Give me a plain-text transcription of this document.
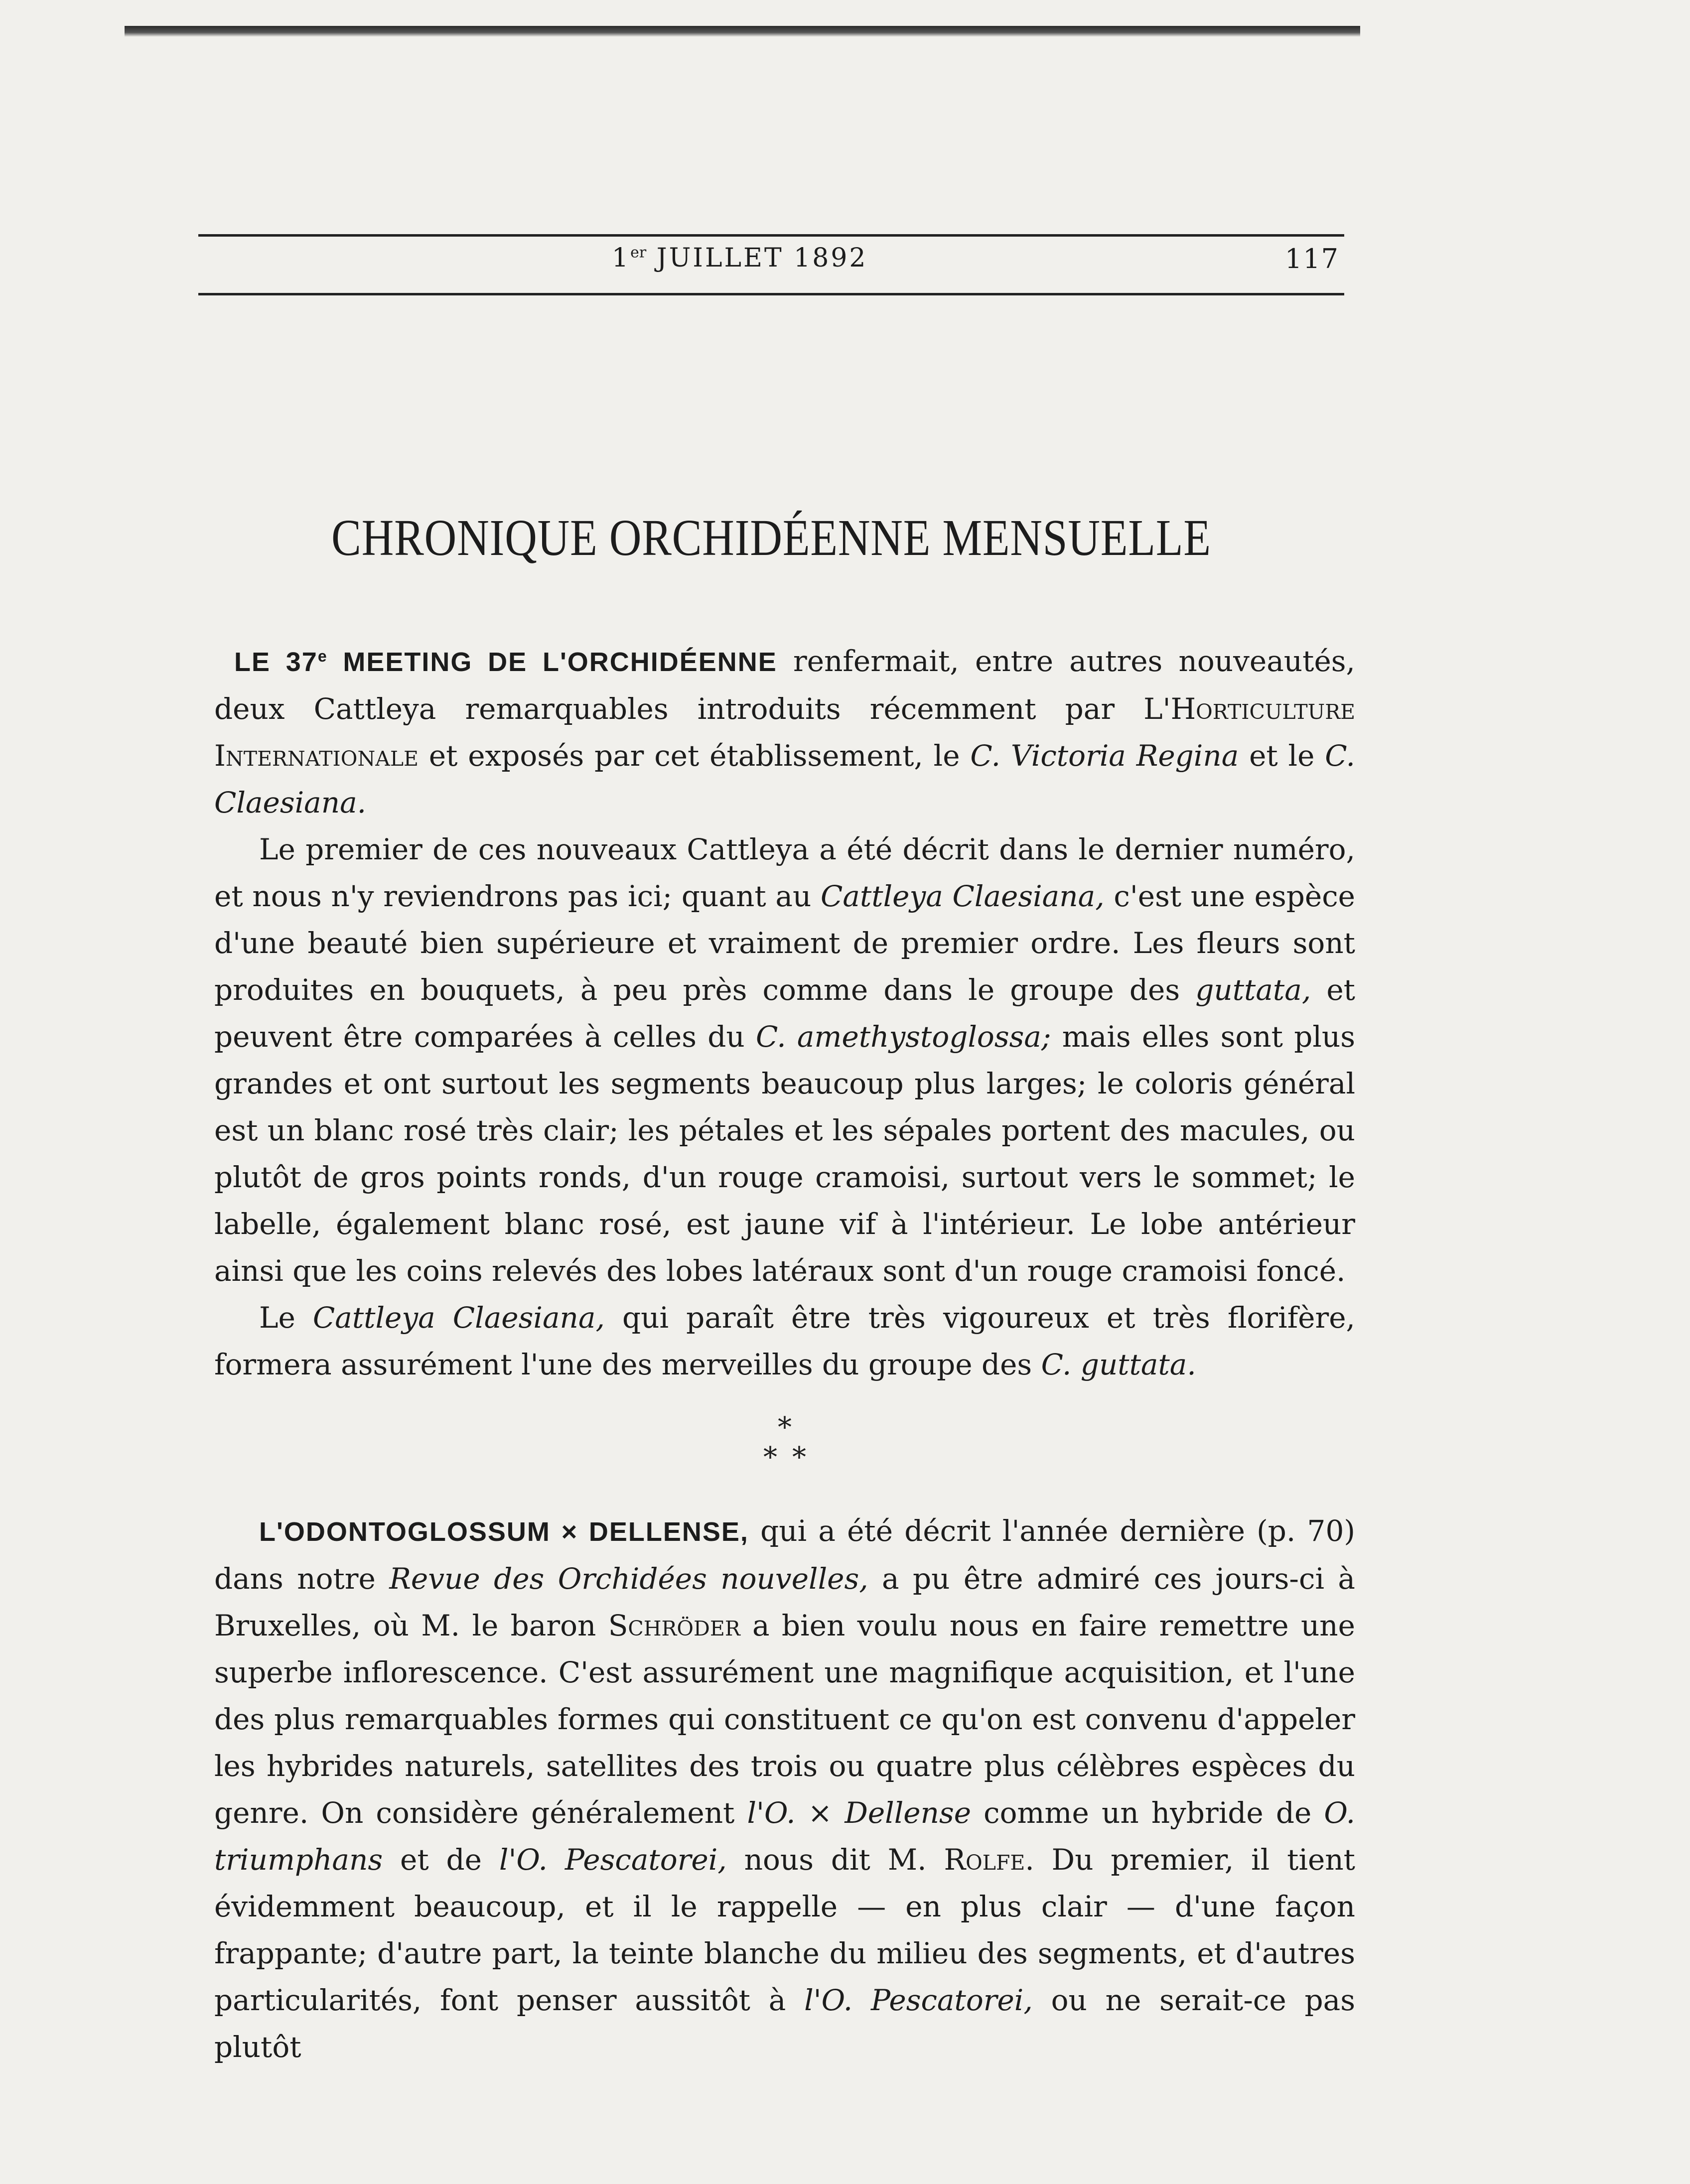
1er JUILLET 1892	117
CHRONIQUE ORCHIDÉENNE MENSUELLE

LE 37e MEETING DE L'ORCHIDÉENNE renfermait, entre autres nouveautés, deux Cattleya remarquables introduits récemment par L'Horticulture Internationale et exposés par cet établissement, le C. Victoria Regina et le C. Claesiana.

Le premier de ces nouveaux Cattleya a été décrit dans le dernier numéro, et nous n'y reviendrons pas ici; quant au Cattleya Claesiana, c'est une espèce d'une beauté bien supérieure et vraiment de premier ordre. Les fleurs sont produites en bouquets, à peu près comme dans le groupe des guttata, et peuvent être comparées à celles du C. amethystoglossa; mais elles sont plus grandes et ont surtout les segments beaucoup plus larges; le coloris général est un blanc rosé très clair; les pétales et les sépales portent des macules, ou plutôt de gros points ronds, d'un rouge cramoisi, surtout vers le sommet; le labelle, également blanc rosé, est jaune vif à l'intérieur. Le lobe antérieur ainsi que les coins relevés des lobes latéraux sont d'un rouge cramoisi foncé.

Le Cattleya Claesiana, qui paraît être très vigoureux et très florifère, formera assurément l'une des merveilles du groupe des C. guttata.

*
**

L'ODONTOGLOSSUM × DELLENSE, qui a été décrit l'année dernière (p. 70) dans notre Revue des Orchidées nouvelles, a pu être admiré ces jours-ci à Bruxelles, où M. le baron Schröder a bien voulu nous en faire remettre une superbe inflorescence. C'est assurément une magnifique acquisition, et l'une des plus remarquables formes qui constituent ce qu'on est convenu d'appeler les hybrides naturels, satellites des trois ou quatre plus célèbres espèces du genre. On considère généralement l'O. × Dellense comme un hybride de O. triumphans et de l'O. Pescatorei, nous dit M. Rolfe. Du premier, il tient évidemment beaucoup, et il le rappelle — en plus clair — d'une façon frappante; d'autre part, la teinte blanche du milieu des segments, et d'autres particularités, font penser aussitôt à l'O. Pescatorei, ou ne serait-ce pas plutôt
